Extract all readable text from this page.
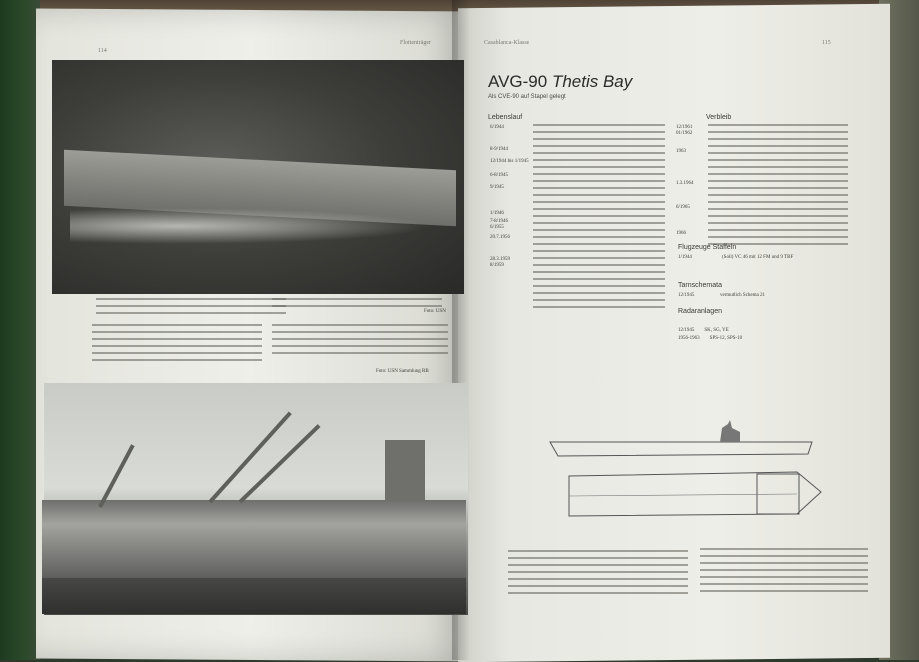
114
Flottenträger	Casablanca-Klasse	115
Foto: USN
Foto: USN Sammlung RB
AVG-90 Thetis Bay
Als CVE-90 auf Stapel gelegt
Lebenslauf	Verbleib
6/1944
8-9/1944
12/1944 bis 1/1945
6-8/1945
9/1945
1/1946
7-8/1946
6/1955
20.7.1956
28.3.1959
8/1959
12/1961
01/1962
1963
1.3.1964
6/1965
1966
Flugzeuge Staffeln
1/1944	(Soll) VC 46 mit 12 FM und 9 TBF
Tarnschemata
12/1945	vermutlich Schema 21
Radaranlagen
12/1945 SK, SG, YE
1956-1963 SPS-12, SPS-10
